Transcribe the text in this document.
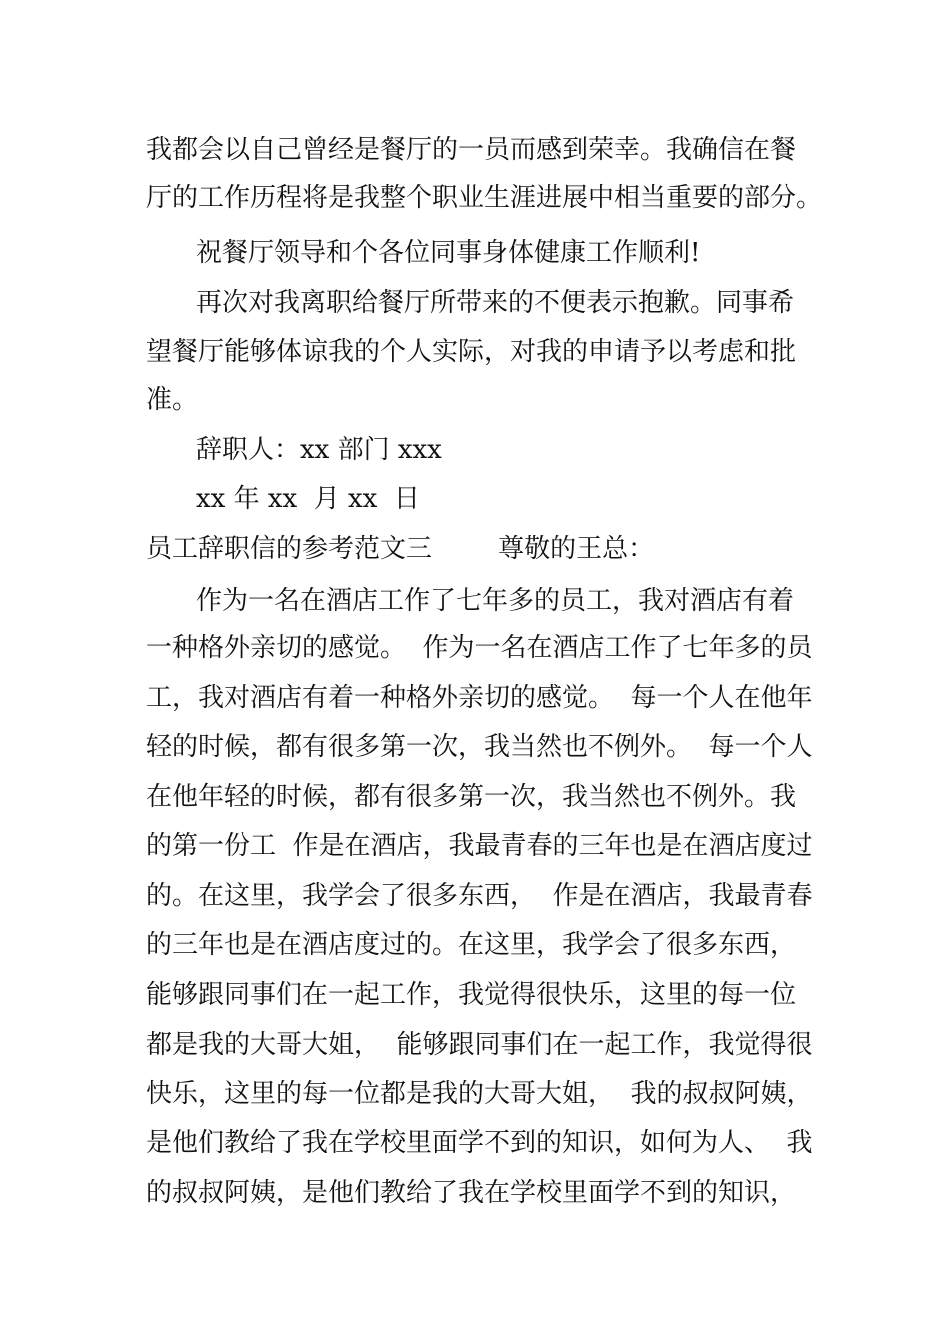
我都会以自己曾经是餐厅的一员而感到荣幸。我确信在餐
厅的工作历程将是我整个职业生涯进展中相当重要的部分。
祝餐厅领导和个各位同事身体健康工作顺利!
再次对我离职给餐厅所带来的不便表示抱歉。同事希
望餐厅能够体谅我的个人实际，对我的申请予以考虑和批
准。
辞职人：xx 部门 xxx
xx 年 xx  月 xx  日
员工辞职信的参考范文三        尊敬的王总：
作为一名在酒店工作了七年多的员工，我对酒店有着
一种格外亲切的感觉。  作为一名在酒店工作了七年多的员
工，我对酒店有着一种格外亲切的感觉。  每一个人在他年
轻的时候，都有很多第一次，我当然也不例外。  每一个人
在他年轻的时候，都有很多第一次，我当然也不例外。我
的第一份工  作是在酒店，我最青春的三年也是在酒店度过
的。在这里，我学会了很多东西，  作是在酒店，我最青春
的三年也是在酒店度过的。在这里，我学会了很多东西，
能够跟同事们在一起工作，我觉得很快乐，这里的每一位
都是我的大哥大姐，  能够跟同事们在一起工作，我觉得很
快乐，这里的每一位都是我的大哥大姐，  我的叔叔阿姨，
是他们教给了我在学校里面学不到的知识，如何为人、  我
的叔叔阿姨，是他们教给了我在学校里面学不到的知识，
